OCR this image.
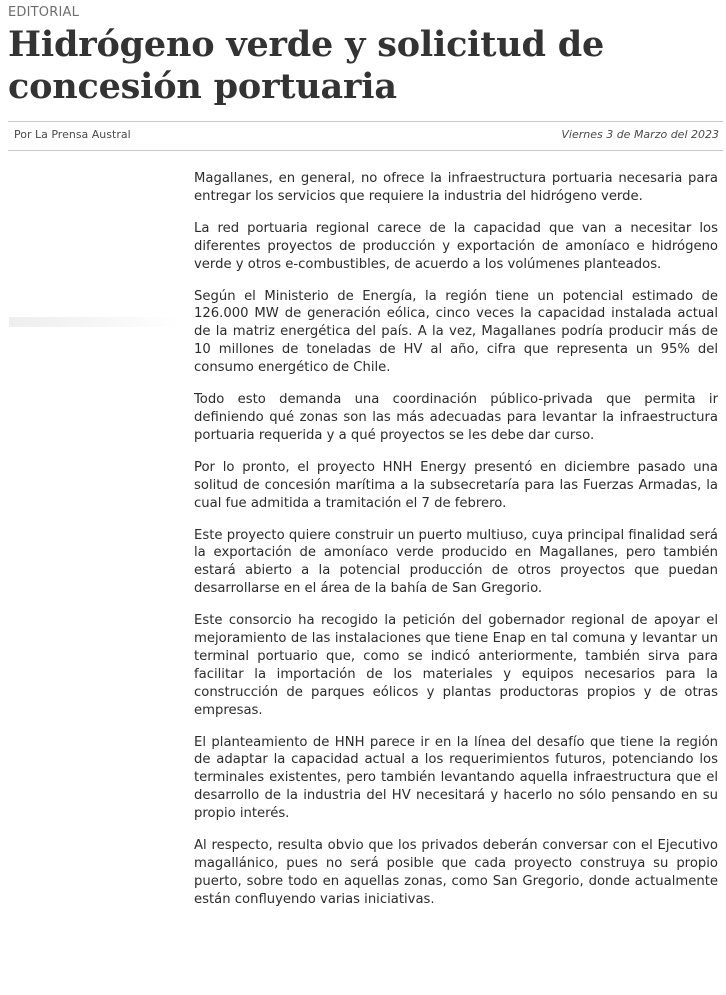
EDITORIAL
Hidrógeno verde y solicitud de concesión portuaria
Por La Prensa Austral	Viernes 3 de Marzo del 2023

Magallanes, en general, no ofrece la infraestructura portuaria necesaria para entregar los servicios que requiere la industria del hidrógeno verde.

La red portuaria regional carece de la capacidad que van a necesitar los diferentes proyectos de producción y exportación de amoníaco e hidrógeno verde y otros e-combustibles, de acuerdo a los volúmenes planteados.

Según el Ministerio de Energía, la región tiene un potencial estimado de 126.000 MW de generación eólica, cinco veces la capacidad instalada actual de la matriz energética del país. A la vez, Magallanes podría producir más de 10 millones de toneladas de HV al año, cifra que representa un 95% del consumo energético de Chile.

Todo esto demanda una coordinación público-privada que permita ir definiendo qué zonas son las más adecuadas para levantar la infraestructura portuaria requerida y a qué proyectos se les debe dar curso.

Por lo pronto, el proyecto HNH Energy presentó en diciembre pasado una solitud de concesión marítima a la subsecretaría para las Fuerzas Armadas, la cual fue admitida a tramitación el 7 de febrero.

Este proyecto quiere construir un puerto multiuso, cuya principal finalidad será la exportación de amoníaco verde producido en Magallanes, pero también estará abierto a la potencial producción de otros proyectos que puedan desarrollarse en el área de la bahía de San Gregorio.

Este consorcio ha recogido la petición del gobernador regional de apoyar el mejoramiento de las instalaciones que tiene Enap en tal comuna y levantar un terminal portuario que, como se indicó anteriormente, también sirva para facilitar la importación de los materiales y equipos necesarios para la construcción de parques eólicos y plantas productoras propios y de otras empresas.

El planteamiento de HNH parece ir en la línea del desafío que tiene la región de adaptar la capacidad actual a los requerimientos futuros, potenciando los terminales existentes, pero también levantando aquella infraestructura que el desarrollo de la industria del HV necesitará y hacerlo no sólo pensando en su propio interés.

Al respecto, resulta obvio que los privados deberán conversar con el Ejecutivo magallánico, pues no será posible que cada proyecto construya su propio puerto, sobre todo en aquellas zonas, como San Gregorio, donde actualmente están confluyendo varias iniciativas.
